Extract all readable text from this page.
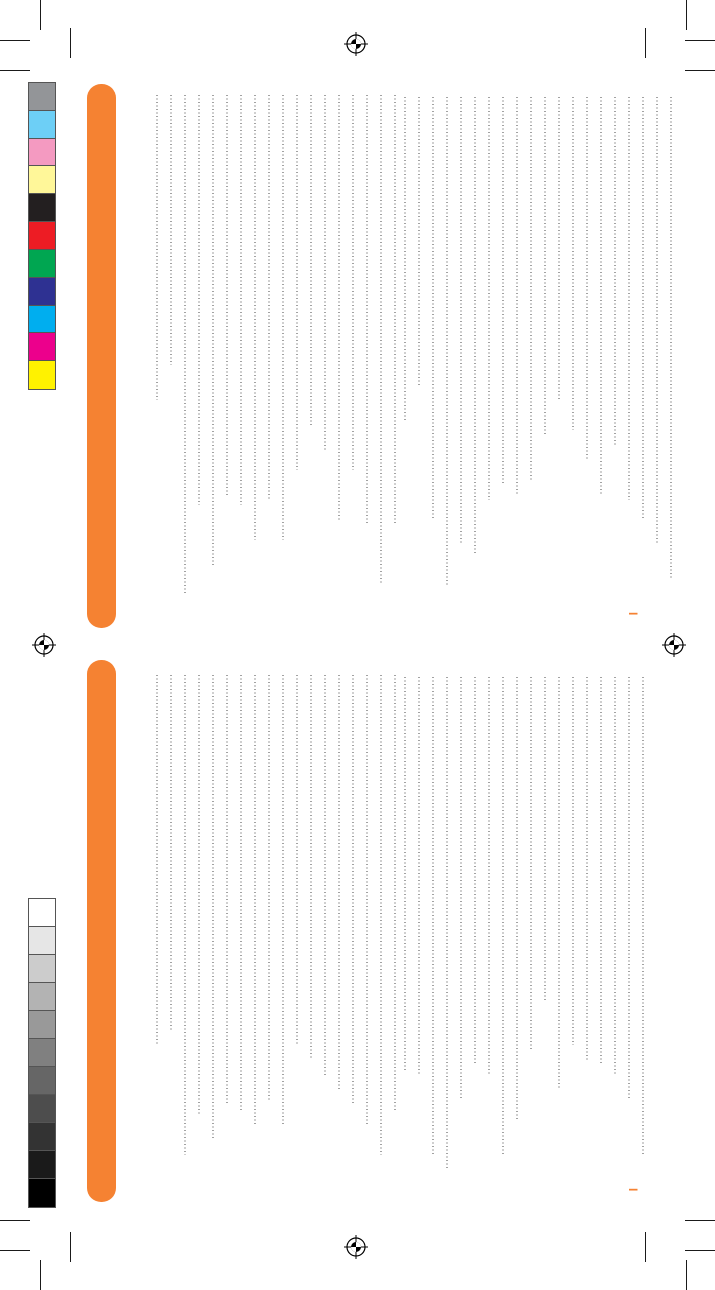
I
I
